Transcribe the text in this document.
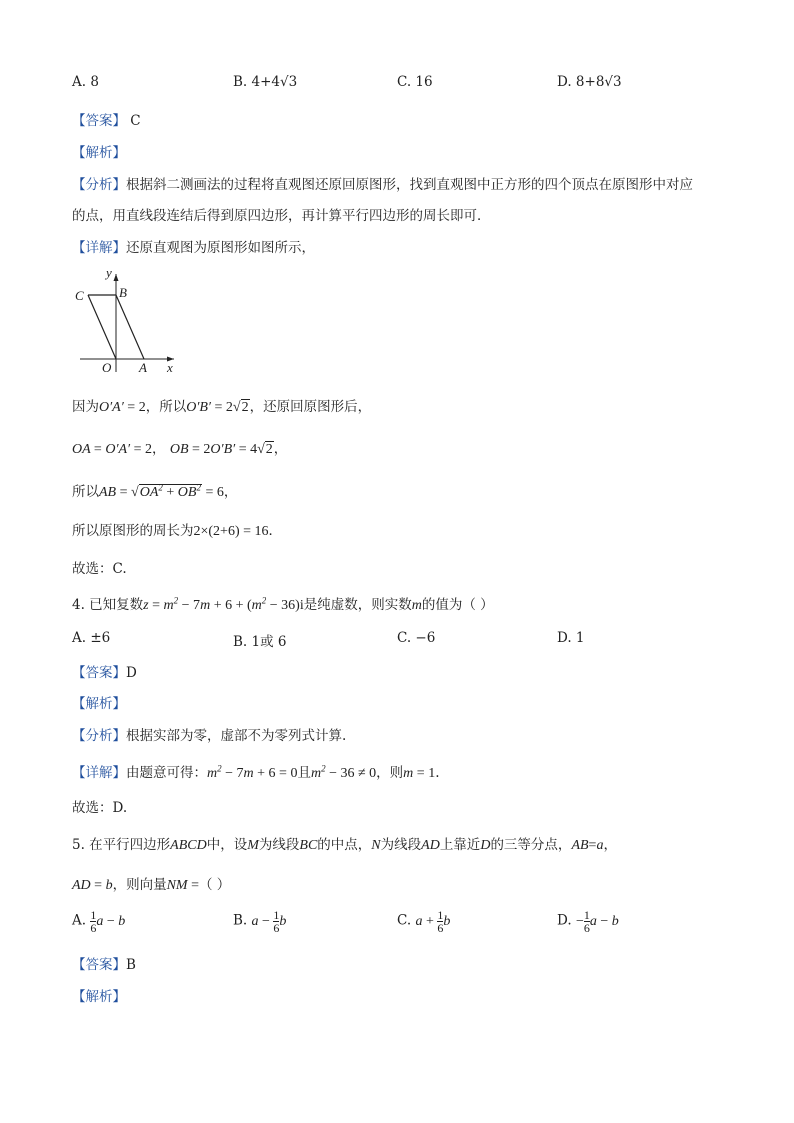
A. 8	B. 4+4√3	C. 16	D. 8+8√3
【答案】 C
【解析】
【分析】根据斜二测画法的过程将直观图还原回原图形，找到直观图中正方形的四个顶点在原图形中对应
的点，用直线段连结后得到原四边形，再计算平行四边形的周长即可．
【详解】还原直观图为原图形如图所示，
y
x
C	B
O A
因为O′A′ = 2，所以O′B′ = 2√2，还原回原图形后，
OA = O′A′ = 2， OB = 2O′B′ = 4√2，
所以AB = $√OA^2 + OB^2 = 6$，
所以原图形的周长为2×(2+6) = 16．
故选：C.
4. 已知复数$z = m^2 - 7m + 6 + (m^2 - 36)i$是纯虚数，则实数m的值为（ ）
A. ±6	B. 1或 6	C. −6	D. 1
【答案】D
【解析】
【分析】根据实部为零，虚部不为零列式计算.
【详解】由题意可得：$m^2 - 7m + 6 = 0$且$m^2 - 36 \ne 0$，则m = 1.
故选：D.
5. 在平行四边形ABCD中，设M为线段BC的中点，N为线段AD上靠近D的三等分点，AB=a，
AD = b，则向量NM =（ ）
A. $\frac{1}{6}$ a − b	B. $a - \frac{1}{6}$ b	C. $a + \frac{1}{6}$ b	D. − $\frac{1}{6}$ a − b
【答案】B
【解析】
